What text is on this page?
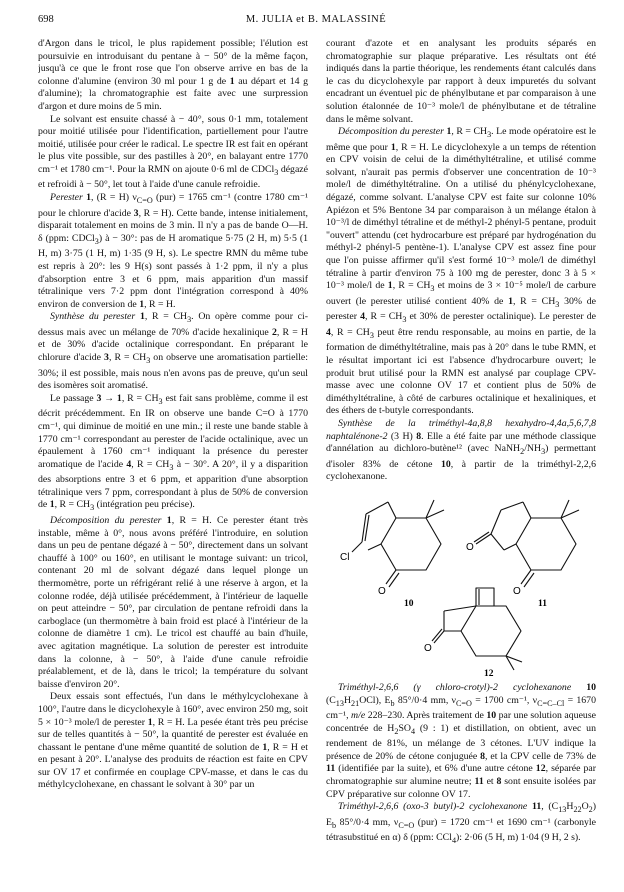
698	M. JULIA et B. MALASSINÉ

d'Argon dans le tricol, le plus rapidement possible; l'élution est poursuivie en introduisant du pentane à − 50° de la même façon, jusqu'à ce que le front rose que l'on observe arrive en bas de la colonne d'alumine (environ 30 ml pour 1 g de 1 au départ et 14 g d'alumine); la chromatographie est faite avec une surpression d'argon et dure moins de 5 min.

Le solvant est ensuite chassé à − 40°, sous 0·1 mm, totalement pour moitié utilisée pour l'identification, partiellement pour l'autre moitié, utilisée pour créer le radical. Le spectre IR est fait en opérant le plus vite possible, sur des pastilles à 20°, en balayant entre 1770 cm⁻¹ et 1780 cm⁻¹. Pour la RMN on ajoute 0·6 ml de CDCl$_3$ dégazé et refroidi à − 50°, let tout à l'aide d'une canule refroidie.

Perester 1, (R = H) $\nu_{C=O}$ (pur) = 1765 cm⁻¹ (contre 1780 cm⁻¹ pour le chlorure d'acide 3, R = H). Cette bande, intense initialement, disparait totalement en moins de 3 min. Il n'y a pas de bande O—H. δ (ppm: CDCl$_3$) à − 30°: pas de H aromatique 5·75 (2 H, m) 5·5 (1 H, m) 3·75 (1 H, m) 1·35 (9 H, s). Le spectre RMN du même tube est repris à 20°: les 9 H(s) sont passés à 1·2 ppm, il n'y a plus d'absorption entre 3 et 6 ppm, mais apparition d'un massif tétralinique vers 7·2 ppm dont l'intégration correspond à 40% environ de conversion de 1, R = H.

Synthèse du perester 1, $R = CH_3$. On opère comme pour ci-dessus mais avec un mélange de 70% d'acide hexalinique 2, R = H et de 30% d'acide octalinique correspondant. En préparant le chlorure d'acide 3, $R = CH_3$ on observe une aromatisation partielle: 30%; il est possible, mais nous n'en avons pas de preuve, qu'un seul des isomères soit aromatisé.

Le passage 3 → 1, $R = CH_3$ est fait sans problème, comme il est décrit précédemment. En IR on observe une bande C=O à 1770 cm⁻¹, qui diminue de moitié en une min.; il reste une bande stable à 1770 cm⁻¹ correspondant au perester de l'acide octalinique, avec un épaulement à 1760 cm⁻¹ indiquant la présence du perester aromatique de l'acide 4, $R = CH_3$ à − 30°. A 20°, il y a disparition des absorptions entre 3 et 6 ppm, et apparition d'une absorption tétralinique vers 7 ppm, correspondant à plus de 50% de conversion de 1, $R = CH_3$ (intégration peu précise).

Décomposition du perester 1, R = H. Ce perester étant très instable, même à 0°, nous avons préféré l'introduire, en solution dans un peu de pentane dégazé à − 50°, directement dans un solvant chauffé à 100° ou 160°, en utilisant le montage suivant: un tricol, contenant 20 ml de solvant dégazé dans lequel plonge un thermomètre, porte un réfrigérant relié à une réserve à argon, et la colonne rodée, déjà utilisée précédemment, à l'intérieur de laquelle on peut atteindre − 50°, par circulation de pentane refroidi dans la carboglace (un thermomètre à bain froid est placé à l'intérieur de la colonne de diamètre 1 cm). Le tricol est chauffé au bain d'huile, avec agitation magnétique. La solution de perester est introduite dans la colonne, à − 50°, à l'aide d'une canule refroidie préalablement, et de là, dans le tricol; la température du solvant baisse d'environ 20°.

Deux essais sont effectués, l'un dans le méthylcyclohexane à 100°, l'autre dans le dicyclohexyle à 160°, avec environ 250 mg, soit 5 × 10⁻³ mole/l de perester 1, R = H. La pesée étant très peu précise sur de telles quantités à − 50°, la quantité de perester est évaluée en chassant le pentane d'une même quantité de solution de 1, R = H et en pesant à 20°. L'analyse des produits de réaction est faite en CPV sur OV 17 et confirmée en couplage CPV-masse, et dans le cas du méthylcyclohexane, en chassant le solvant à 30° par un

courant d'azote et en analysant les produits séparés en chromatographie sur plaque préparative. Les résultats ont été indiqués dans la partie théorique, les rendements étant calculés dans le cas du dicyclohexyle par rapport à deux impuretés du solvant encadrant un éventuel pic de phénylbutane et par comparaison à une solution étalonnée de 10⁻³ mole/l de phénylbutane et de tétraline dans le même solvant.

Décomposition du perester 1, $R = CH_3$. Le mode opératoire est le même que pour 1, R = H. Le dicyclohexyle a un temps de rétention en CPV voisin de celui de la diméthyltétraline, et utilisé comme solvant, n'aurait pas permis d'observer une concentration de 10⁻³ mole/l de diméthyltétraline. On a utilisé du phénylcyclohexane, dégazé, comme solvant. L'analyse CPV est faite sur colonne 10% Apiézon et 5% Bentone 34 par comparaison à un mélange étalon à 10⁻³/l de diméthyl tétraline et de méthyl-2 phényl-5 pentane, produit "ouvert" attendu (cet hydrocarbure est préparé par hydrogénation du méthyl-2 phényl-5 pentène-1). L'analyse CPV est assez fine pour que l'on puisse affirmer qu'il s'est formé 10⁻³ mole/l de diméthyl tétraline à partir d'environ 75 à 100 mg de perester, donc 3 à 5 × 10⁻³ mole/l de 1, $R = CH_3$ et moins de 3 × 10⁻⁵ mole/l de carbure ouvert (le perester utilisé contient 40% de 1, $R = CH_3$ 30% de perester 4, $R = CH_3$ et 30% de perester octalinique). Le perester de 4, $R = CH_3$ peut être rendu responsable, au moins en partie, de la formation de diméthyltétraline, mais pas à 20° dans le tube RMN, et le résultat important ici est l'absence d'hydrocarbure ouvert; le produit brut utilisé pour la RMN est analysé par couplage CPV-masse avec une colonne OV 17 et contient plus de 50% de diméthyltétraline, à côté de carbures octalinique et hexaliniques, et des éthers de t-butyle correspondants.

Synthèse de la triméthyl-4a,8,8 hexahydro-4,4a,5,6,7,8 naphtalénone-2 (3 H) 8. Elle a été faite par une méthode classique d'annélation au dichloro-butène¹² (avec $NaNH_2/NH_3$) permettant d'isoler 83% de cétone 10, à partir de la triméthyl-2,2,6 cyclohexanone.

Cl
O	O
O
O
10	11
12

Triméthyl-2,6,6 (γ chloro-crotyl)-2 cyclohexanone 10 $(C_{13}H_{21}OCl)$, $E_b$ 85°/0·4 mm, $\nu_{C=O} = 1700$ cm⁻¹, $\nu_{C=C-Cl} = 1670$ cm⁻¹, m/e 228–230. Après traitement de 10 par une solution aqueuse concentrée de $H_2SO_4$ (9 : 1) et distillation, on obtient, avec un rendement de 81%, un mélange de 3 cétones. L'UV indique la présence de 20% de cétone conjuguée 8, et la CPV celle de 73% de 11 (identifiée par la suite), et 6% d'une autre cétone 12, séparée par chromatographie sur alumine neutre; 11 et 8 sont ensuite isolées par CPV préparative sur colonne OV 17.

Triméthyl-2,6,6 (oxo-3 butyl)-2 cyclohexanone 11, $(C_{13}H_{22}O_2)$ $E_b$ 85°/0·4 mm, $\nu_{C=O}$ (pur) = 1720 cm⁻¹ et 1690 cm⁻¹ (carbonyle tétrasubstitué en α) δ (ppm: CCl$_4$): 2·06 (5 H, m) 1·04 (9 H, 2 s).
